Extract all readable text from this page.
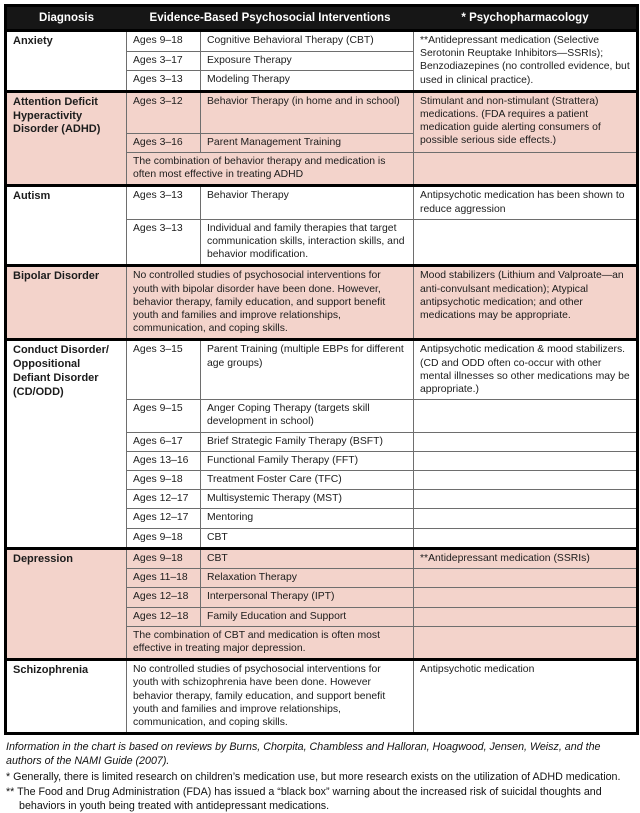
Diagnosis	Evidence-Based Psychosocial Interventions		* Psychopharmacology
Anxiety	Ages 9–18	Cognitive Behavioral Therapy (CBT)	**Antidepressant medication (Selective Serotonin Reuptake Inhibitors—SSRIs); Benzodiazepines (no controlled evidence, but used in clinical practice).
	Ages 3–17	Exposure Therapy	
	Ages 3–13	Modeling Therapy	
Attention Deficit Hyperactivity Disorder (ADHD)	Ages 3–12	Behavior Therapy (in home and in school)	Stimulant and non-stimulant (Strattera) medications. (FDA requires a patient medication guide alerting consumers of possible serious side effects.)
	Ages 3–16	Parent Management Training	
	The combination of behavior therapy and medication is often most effective in treating ADHD		
Autism	Ages 3–13	Behavior Therapy	Antipsychotic medication has been shown to reduce aggression
	Ages 3–13	Individual and family therapies that target communication skills, interaction skills, and behavior modification.	
Bipolar Disorder	No controlled studies of psychosocial interventions for youth with bipolar disorder have been done. However, behavior therapy, family education, and support benefit youth and families and improve relationships, communication, and coping skills.		Mood stabilizers (Lithium and Valproate—an anti-convulsant medication); Atypical antipsychotic medication; and other medications may be appropriate.
Conduct Disorder/​Oppositional Defiant Disorder (CD/ODD)	Ages 3–15	Parent Training (multiple EBPs for different age groups)	Antipsychotic medication & mood stabilizers. (CD and ODD often co-occur with other mental illnesses so other medications may be appropriate.)
	Ages 9–15	Anger Coping Therapy (targets skill development in school)	
	Ages 6–17	Brief Strategic Family Therapy (BSFT)	
	Ages 13–16	Functional Family Therapy (FFT)	
	Ages 9–18	Treatment Foster Care (TFC)	
	Ages 12–17	Multisystemic Therapy (MST)	
	Ages 12–17	Mentoring	
	Ages 9–18	CBT	
Depression	Ages 9–18	CBT	**Antidepressant medication (SSRIs)
	Ages 11–18	Relaxation Therapy	
	Ages 12–18	Interpersonal Therapy (IPT)	
	Ages 12–18	Family Education and Support	
	The combination of CBT and medication is often most effective in treating major depression.		
Schizophrenia	No controlled studies of psychosocial interventions for youth with schizophrenia have been done. However behavior therapy, family education, and support benefit youth and families and improve relationships, communication, and coping skills.		Antipsychotic medication

Information in the chart is based on reviews by Burns, Chorpita, Chambless and Halloran, Hoagwood, Jensen, Weisz, and the authors of the NAMI Guide (2007).

* Generally, there is limited research on children’s medication use, but more research exists on the utilization of ADHD medication.

** The Food and Drug Administration (FDA) has issued a “black box” warning about the increased risk of suicidal thoughts and behaviors in youth being treated with antidepressant medications.
